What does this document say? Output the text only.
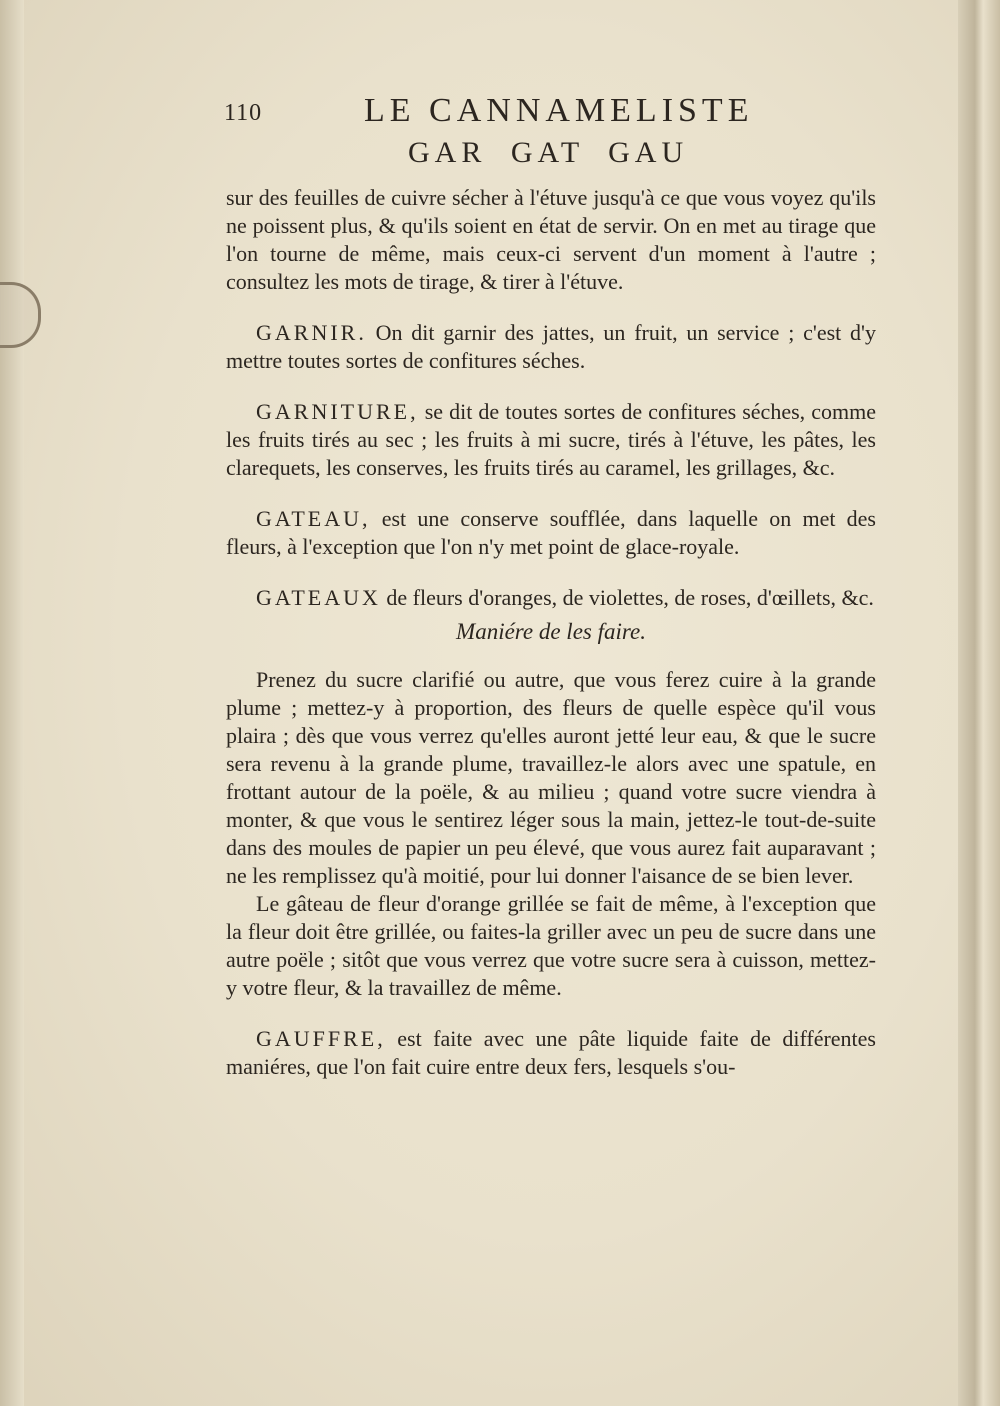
110	LE CANNAMELISTE
GAR GAT GAU

sur des feuilles de cuivre sécher à l'étuve jusqu'à ce que vous voyez qu'ils ne poissent plus, & qu'ils soient en état de servir. On en met au tirage que l'on tourne de même, mais ceux-ci servent d'un moment à l'autre ; consultez les mots de tirage, & tirer à l'étuve.

GARNIR. On dit garnir des jattes, un fruit, un service ; c'est d'y mettre toutes sortes de confitures séches.

GARNITURE, se dit de toutes sortes de confitures séches, comme les fruits tirés au sec ; les fruits à mi sucre, tirés à l'étuve, les pâtes, les clarequets, les conserves, les fruits tirés au caramel, les grillages, &c.

GATEAU, est une conserve soufflée, dans laquelle on met des fleurs, à l'exception que l'on n'y met point de glace-royale.

GATEAUX de fleurs d'oranges, de violettes, de roses, d'œillets, &c.

Maniére de les faire.

Prenez du sucre clarifié ou autre, que vous ferez cuire à la grande plume ; mettez-y à proportion, des fleurs de quelle espèce qu'il vous plaira ; dès que vous verrez qu'elles auront jetté leur eau, & que le sucre sera revenu à la grande plume, travaillez-le alors avec une spatule, en frottant autour de la poële, & au milieu ; quand votre sucre viendra à monter, & que vous le sentirez léger sous la main, jettez-le tout-de-suite dans des moules de papier un peu élevé, que vous aurez fait auparavant ; ne les remplissez qu'à moitié, pour lui donner l'aisance de se bien lever.

Le gâteau de fleur d'orange grillée se fait de même, à l'exception que la fleur doit être grillée, ou faites-la griller avec un peu de sucre dans une autre poële ; sitôt que vous verrez que votre sucre sera à cuisson, mettez-y votre fleur, & la travaillez de même.

GAUFFRE, est faite avec une pâte liquide faite de différentes maniéres, que l'on fait cuire entre deux fers, lesquels s'ou-
